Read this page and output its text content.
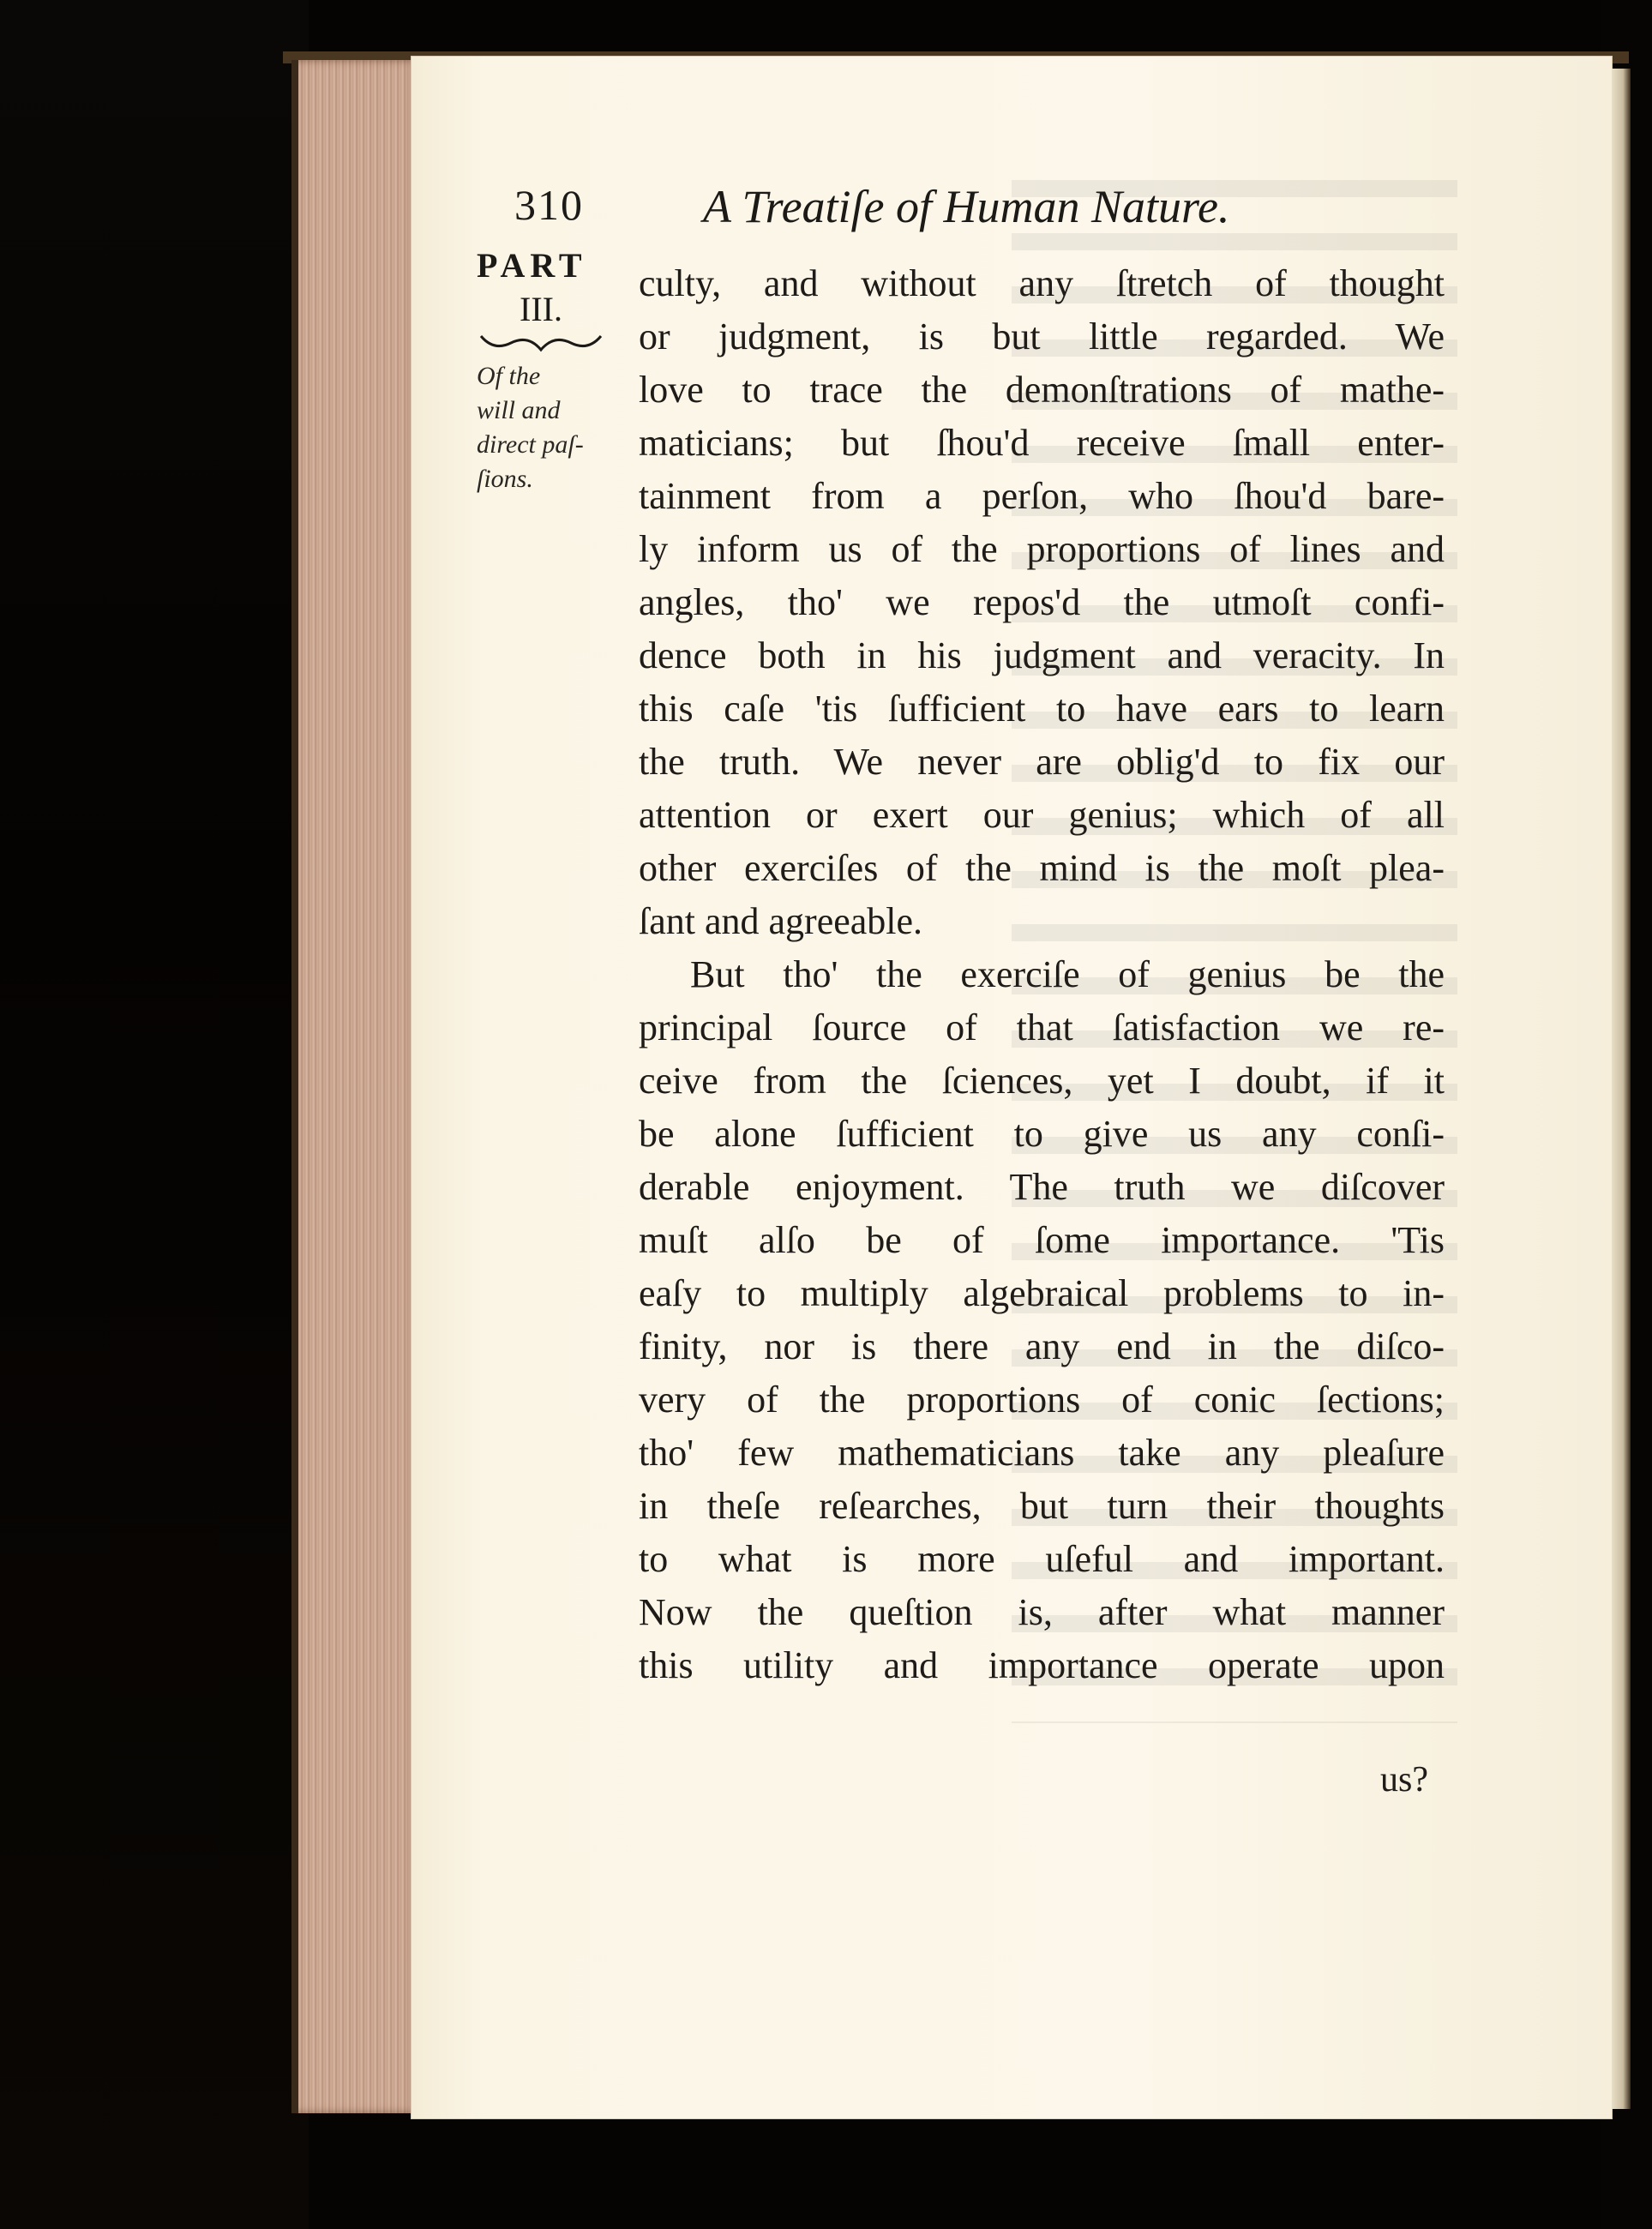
310	A Treatiſe of Human Nature.
PART
III.
Of the
will and
direct paſ-
ſions.
culty, and without any ſtretch of thought
or judgment, is but little regarded. We
love to trace the demonſtrations of mathe-
maticians; but ſhou'd receive ſmall enter-
tainment from a perſon, who ſhou'd bare-
ly inform us of the proportions of lines and
angles, tho' we repos'd the utmoſt confi-
dence both in his judgment and veracity. In
this caſe 'tis ſufficient to have ears to learn
the truth. We never are oblig'd to fix our
attention or exert our genius; which of all
other exerciſes of the mind is the moſt plea-
ſant and agreeable.
But tho' the exerciſe of genius be the
principal ſource of that ſatisfaction we re-
ceive from the ſciences, yet I doubt, if it
be alone ſufficient to give us any conſi-
derable enjoyment. The truth we diſcover
muſt alſo be of ſome importance. 'Tis
eaſy to multiply algebraical problems to in-
finity, nor is there any end in the diſco-
very of the proportions of conic ſections;
tho' few mathematicians take any pleaſure
in theſe reſearches, but turn their thoughts
to what is more uſeful and important.
Now the queſtion is, after what manner
this utility and importance operate upon
us?
